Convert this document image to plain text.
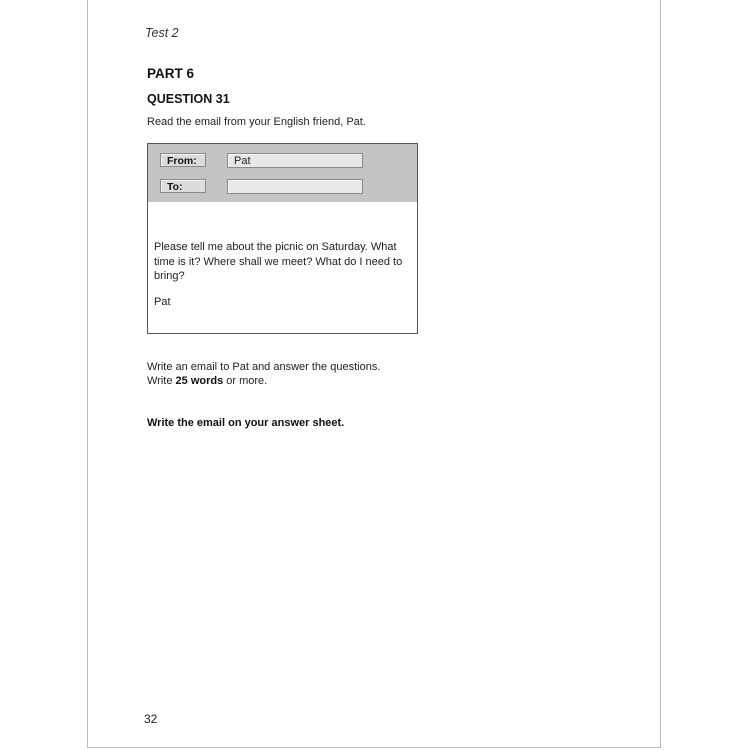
Test 2
PART 6
QUESTION 31
Read the email from your English friend, Pat.
From:	Pat
To:
Please tell me about the picnic on Saturday. What time is it? Where shall we meet? What do I need to bring?
Pat
Write an email to Pat and answer the questions.
Write 25 words or more.
Write the email on your answer sheet.
32
